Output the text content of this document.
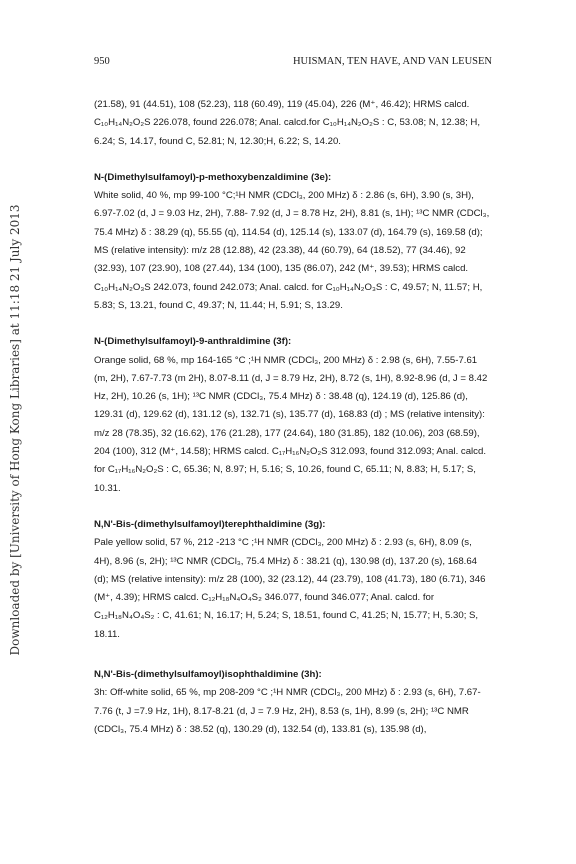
Downloaded by [University of Hong Kong Libraries] at 11:18 21 July 2013
950	HUISMAN, TEN HAVE, AND VAN LEUSEN

(21.58), 91 (44.51), 108 (52.23), 118 (60.49), 119 (45.04), 226 (M⁺, 46.42); HRMS calcd. C₁₀H₁₄N₂O₂S 226.078, found 226.078; Anal. calcd.for C₁₀H₁₄N₂O₂S : C, 53.08; N, 12.38; H, 6.24; S, 14.17, found C, 52.81; N, 12.30;H, 6.22; S, 14.20.

N-(Dimethylsulfamoyl)-p-methoxybenzaldimine (3e):

White solid, 40 %, mp 99-100 °C;¹H NMR (CDCl₃, 200 MHz) δ : 2.86 (s, 6H), 3.90 (s, 3H), 6.97-7.02 (d, J = 9.03 Hz, 2H), 7.88- 7.92 (d, J = 8.78 Hz, 2H), 8.81 (s, 1H); ¹³C NMR (CDCl₃, 75.4 MHz) δ : 38.29 (q), 55.55 (q), 114.54 (d), 125.14 (s), 133.07 (d), 164.79 (s), 169.58 (d); MS (relative intensity): m/z 28 (12.88), 42 (23.38), 44 (60.79), 64 (18.52), 77 (34.46), 92 (32.93), 107 (23.90), 108 (27.44), 134 (100), 135 (86.07), 242 (M⁺, 39.53); HRMS calcd. C₁₀H₁₄N₂O₃S 242.073, found 242.073; Anal. calcd. for C₁₀H₁₄N₂O₃S : C, 49.57; N, 11.57; H, 5.83; S, 13.21, found C, 49.37; N, 11.44; H, 5.91; S, 13.29.

N-(Dimethylsulfamoyl)-9-anthraldimine (3f):

Orange solid, 68 %, mp 164-165 °C ;¹H NMR (CDCl₃, 200 MHz) δ : 2.98 (s, 6H), 7.55-7.61 (m, 2H), 7.67-7.73 (m 2H), 8.07-8.11 (d, J = 8.79 Hz, 2H), 8.72 (s, 1H), 8.92-8.96 (d, J = 8.42 Hz, 2H), 10.26 (s, 1H); ¹³C NMR (CDCl₃, 75.4 MHz) δ : 38.48 (q), 124.19 (d), 125.86 (d), 129.31 (d), 129.62 (d), 131.12 (s), 132.71 (s), 135.77 (d), 168.83 (d) ; MS (relative intensity): m/z 28 (78.35), 32 (16.62), 176 (21.28), 177 (24.64), 180 (31.85), 182 (10.06), 203 (68.59), 204 (100), 312 (M⁺, 14.58); HRMS calcd. C₁₇H₁₆N₂O₂S 312.093, found 312.093; Anal. calcd. for C₁₇H₁₆N₂O₂S : C, 65.36; N, 8.97; H, 5.16; S, 10.26, found C, 65.11; N, 8.83; H, 5.17; S, 10.31.

N,N'-Bis-(dimethylsulfamoyl)terephthaldimine (3g):

Pale yellow solid, 57 %, 212 -213 °C ;¹H NMR (CDCl₃, 200 MHz) δ : 2.93 (s, 6H), 8.09 (s, 4H), 8.96 (s, 2H); ¹³C NMR (CDCl₃, 75.4 MHz) δ : 38.21 (q), 130.98 (d), 137.20 (s), 168.64 (d); MS (relative intensity): m/z 28 (100), 32 (23.12), 44 (23.79), 108 (41.73), 180 (6.71), 346 (M⁺, 4.39); HRMS calcd. C₁₂H₁₈N₄O₄S₂ 346.077, found 346.077; Anal. calcd. for C₁₂H₁₈N₄O₄S₂ : C, 41.61; N, 16.17; H, 5.24; S, 18.51, found C, 41.25; N, 15.77; H, 5.30; S, 18.11.

N,N'-Bis-(dimethylsulfamoyl)isophthaldimine (3h):

3h: Off-white solid, 65 %, mp 208-209 °C ;¹H NMR (CDCl₃, 200 MHz) δ : 2.93 (s, 6H), 7.67-7.76 (t, J =7.9 Hz, 1H), 8.17-8.21 (d, J = 7.9 Hz, 2H), 8.53 (s, 1H), 8.99 (s, 2H); ¹³C NMR (CDCl₃, 75.4 MHz) δ : 38.52 (q), 130.29 (d), 132.54 (d), 133.81 (s), 135.98 (d),
